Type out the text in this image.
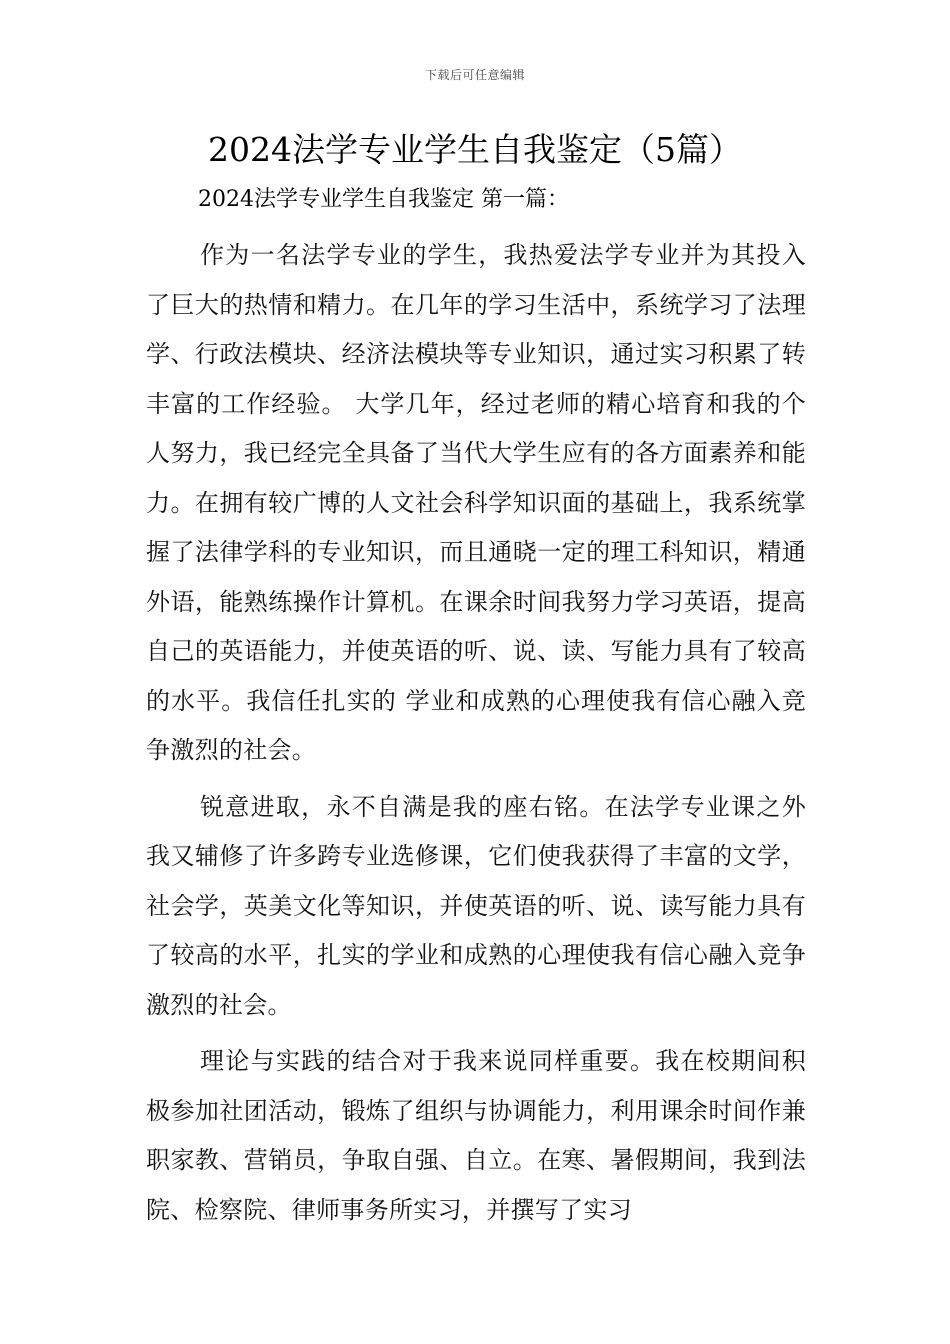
下载后可任意编辑
2024法学专业学生自我鉴定（5篇）
2024法学专业学生自我鉴定 第一篇：

作为一名法学专业的学生，我热爱法学专业并为其投入了巨大的热情和精力。在几年的学习生活中，系统学习了法理学、行政法模块、经济法模块等专业知识，通过实习积累了转丰富的工作经验。 大学几年，经过老师的精心培育和我的个人努力，我已经完全具备了当代大学生应有的各方面素养和能力。在拥有较广博的人文社会科学知识面的基础上，我系统掌握了法律学科的专业知识，而且通晓一定的理工科知识，精通外语，能熟练操作计算机。在课余时间我努力学习英语，提高自己的英语能力，并使英语的听、说、读、写能力具有了较高的水平。我信任扎实的 学业和成熟的心理使我有信心融入竞争激烈的社会。

锐意进取，永不自满是我的座右铭。在法学专业课之外我又辅修了许多跨专业选修课，它们使我获得了丰富的文学，社会学，英美文化等知识，并使英语的听、说、读写能力具有了较高的水平，扎实的学业和成熟的心理使我有信心融入竞争激烈的社会。

理论与实践的结合对于我来说同样重要。我在校期间积极参加社团活动，锻炼了组织与协调能力，利用课余时间作兼职家教、营销员，争取自强、自立。在寒、暑假期间，我到法院、检察院、律师事务所实习，并撰写了实习
